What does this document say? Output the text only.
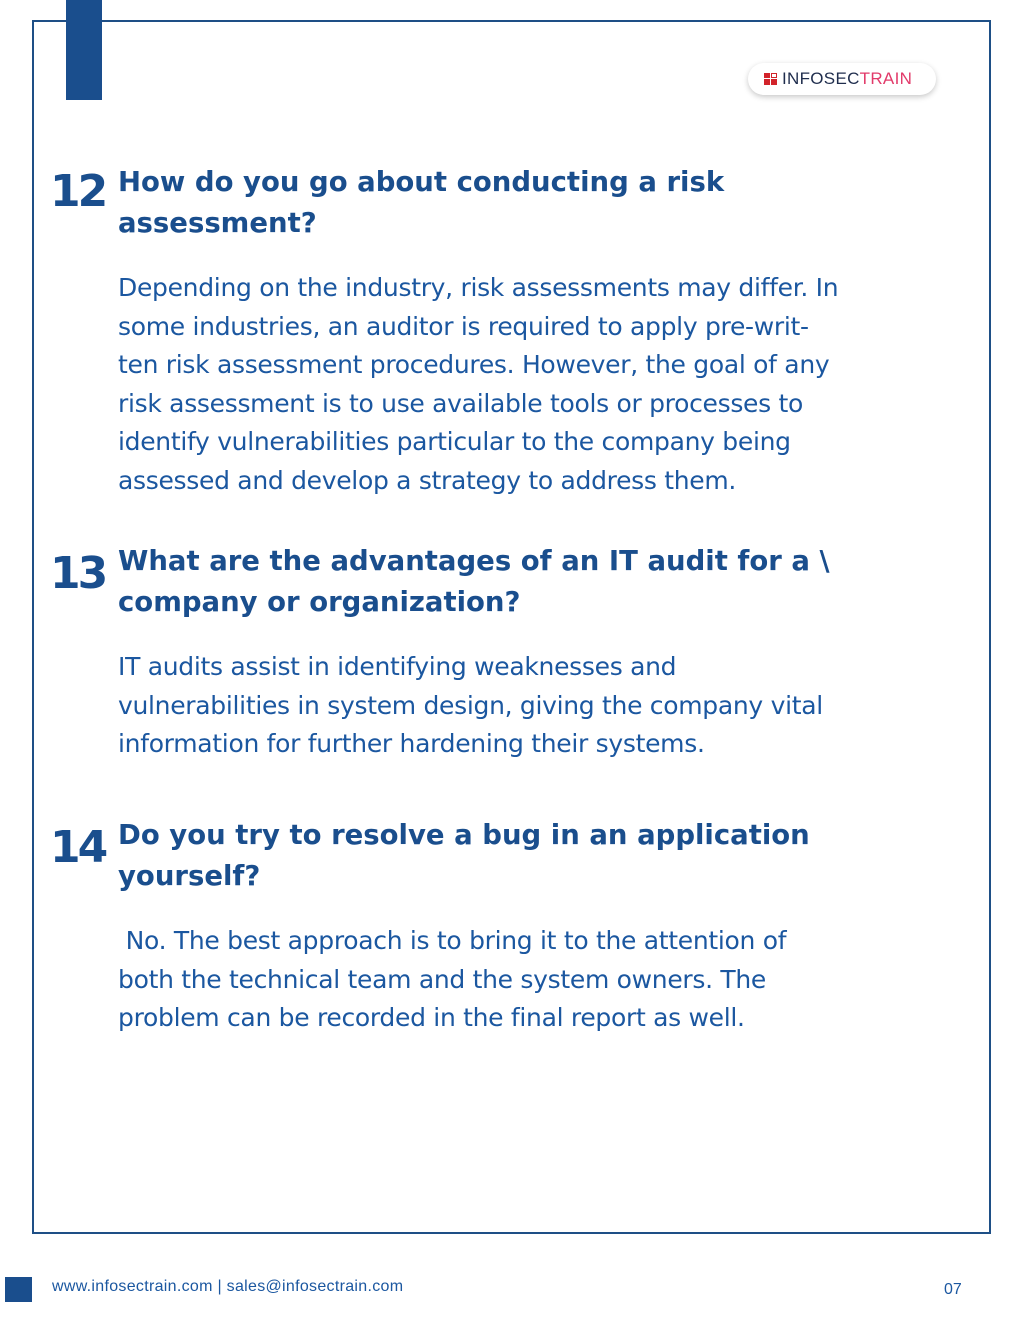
INFOSECTRAIN
12 How do you go about conducting a risk
assessment?
Depending on the industry, risk assessments may differ. In
some industries, an auditor is required to apply pre-writ-
ten risk assessment procedures. However, the goal of any
risk assessment is to use available tools or processes to
identify vulnerabilities particular to the company being
assessed and develop a strategy to address them.
13 What are the advantages of an IT audit for a \
company or organization?
IT audits assist in identifying weaknesses and
vulnerabilities in system design, giving the company vital
information for further hardening their systems.
14 Do you try to resolve a bug in an application
yourself?
No. The best approach is to bring it to the attention of
both the technical team and the system owners. The
problem can be recorded in the final report as well.
www.infosectrain.com | sales@infosectrain.com	07
